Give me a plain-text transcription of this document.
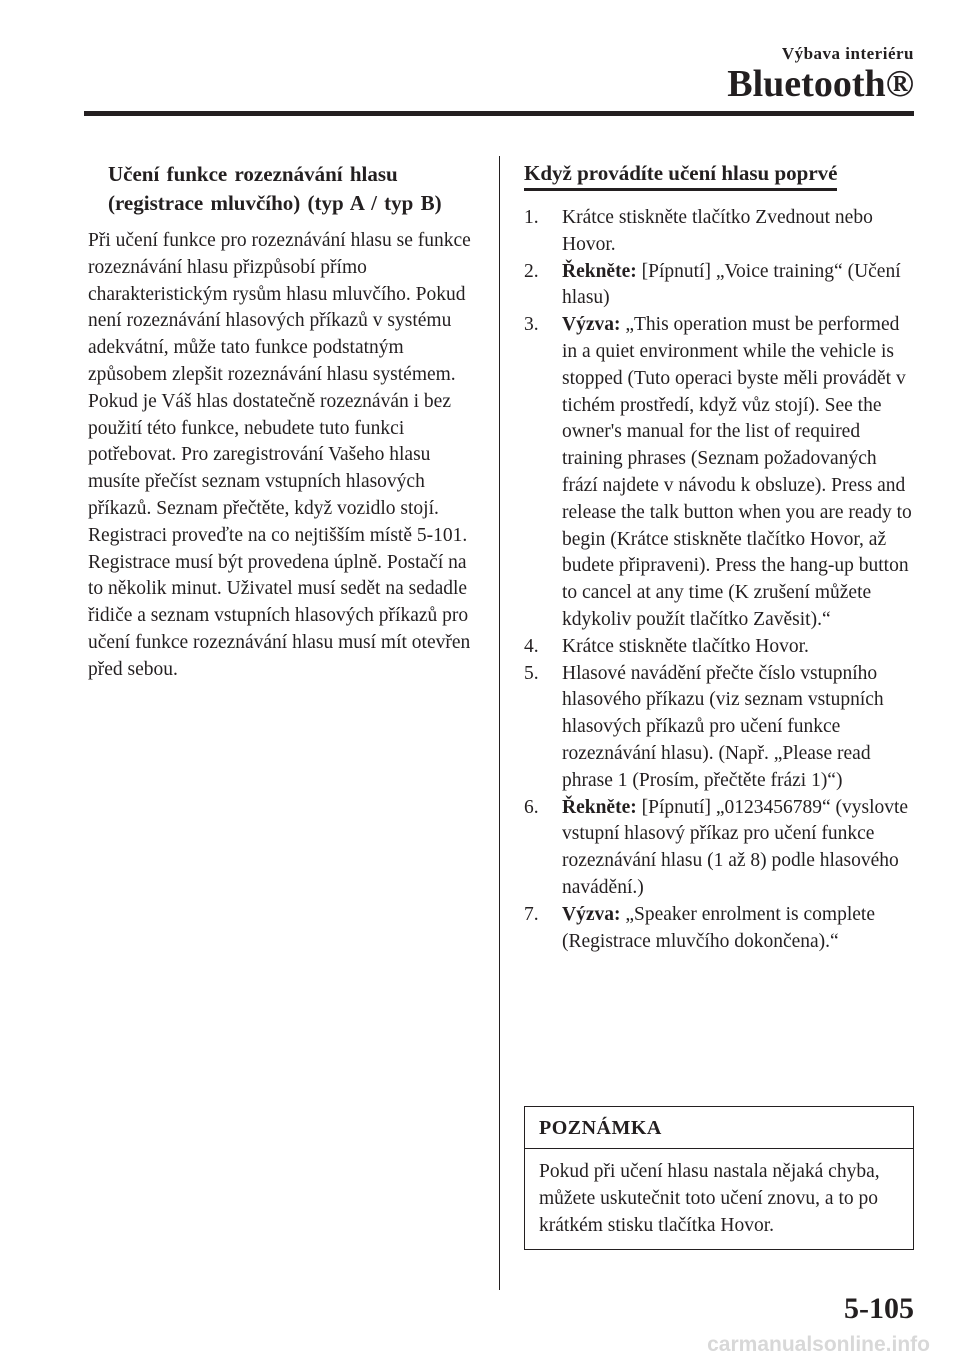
Výbava interiéru
Bluetooth®
Učení funkce rozeznávání hlasu (registrace mluvčího) (typ A / typ B)
Při učení funkce pro rozeznávání hlasu se funkce rozeznávání hlasu přizpůsobí přímo charakteristickým rysům hlasu mluvčího. Pokud není rozeznávání hlasových příkazů v systému adekvátní, může tato funkce podstatným způsobem zlepšit rozeznávání hlasu systémem. Pokud je Váš hlas dostatečně rozeznáván i bez použití této funkce, nebudete tuto funkci potřebovat. Pro zaregistrování Vašeho hlasu musíte přečíst seznam vstupních hlasových příkazů. Seznam přečtěte, když vozidlo stojí. Registraci proveďte na co nejtišším místě 5-101. Registrace musí být provedena úplně. Postačí na to několik minut. Uživatel musí sedět na sedadle řidiče a seznam vstupních hlasových příkazů pro učení funkce rozeznávání hlasu musí mít otevřen před sebou.
Když provádíte učení hlasu poprvé
1. Krátce stiskněte tlačítko Zvednout nebo Hovor.
2. Řekněte: [Pípnutí] „Voice training“ (Učení hlasu)
3. Výzva: „This operation must be performed in a quiet environment while the vehicle is stopped (Tuto operaci byste měli provádět v tichém prostředí, když vůz stojí). See the owner's manual for the list of required training phrases (Seznam požadovaných frází najdete v návodu k obsluze). Press and release the talk button when you are ready to begin (Krátce stiskněte tlačítko Hovor, až budete připraveni). Press the hang-up button to cancel at any time (K zrušení můžete kdykoliv použít tlačítko Zavěsit).“
4. Krátce stiskněte tlačítko Hovor.
5. Hlasové navádění přečte číslo vstupního hlasového příkazu (viz seznam vstupních hlasových příkazů pro učení funkce rozeznávání hlasu). (Např. „Please read phrase 1 (Prosím, přečtěte frázi 1)“)
6. Řekněte: [Pípnutí] „0123456789“ (vyslovte vstupní hlasový příkaz pro učení funkce rozeznávání hlasu (1 až 8) podle hlasového navádění.)
7. Výzva: „Speaker enrolment is complete (Registrace mluvčího dokončena).“
POZNÁMKA
Pokud při učení hlasu nastala nějaká chyba, můžete uskutečnit toto učení znovu, a to po krátkém stisku tlačítka Hovor.
5-105
carmanualsonline.info
